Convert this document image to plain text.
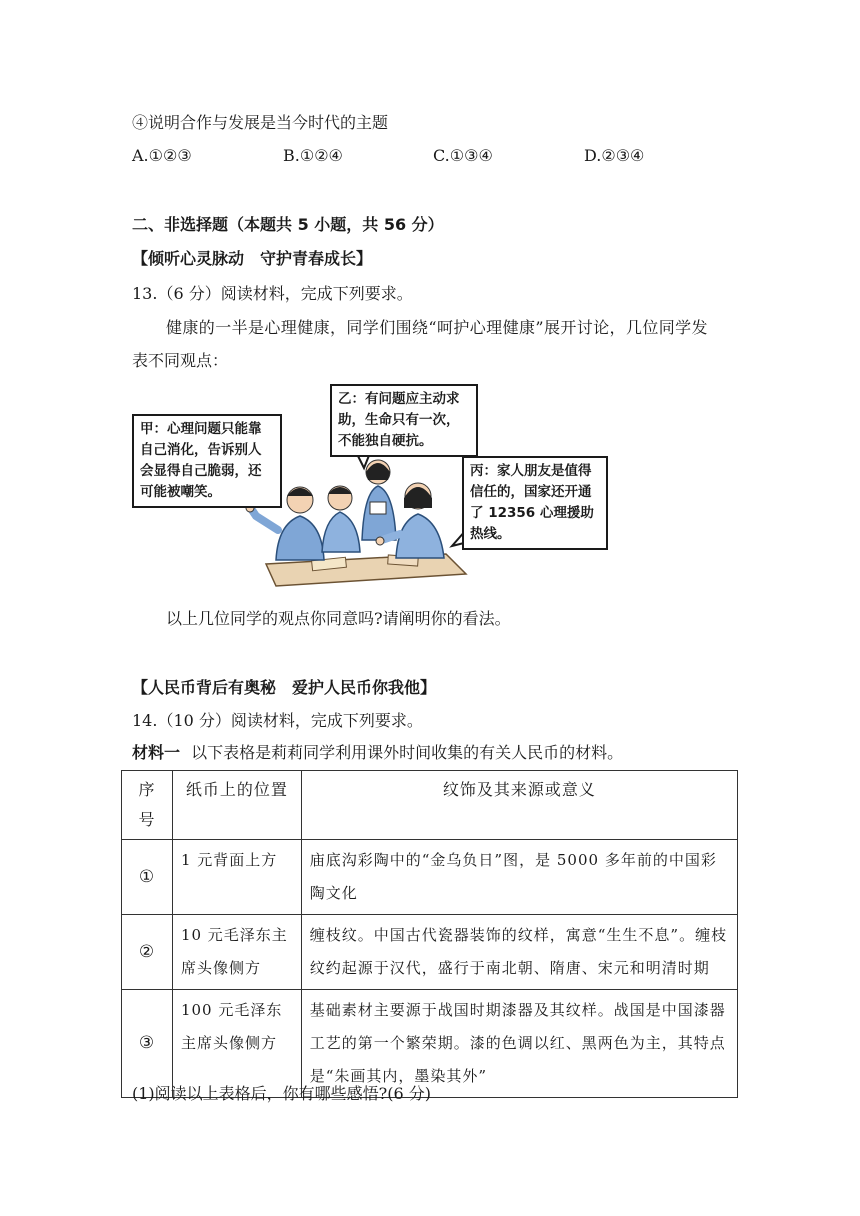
④说明合作与发展是当今时代的主题
A.①②③	B.①②④	C.①③④	D.②③④
二、非选择题（本题共 5 小题，共 56 分）
【倾听心灵脉动　守护青春成长】
13.（6 分）阅读材料，完成下列要求。
健康的一半是心理健康，同学们围绕“呵护心理健康”展开讨论，几位同学发
表不同观点：
甲：心理问题只能靠自己消化，告诉别人会显得自己脆弱，还可能被嘲笑。
乙：有问题应主动求助，生命只有一次，不能独自硬抗。
丙：家人朋友是值得信任的，国家还开通了 12356 心理援助热线。
以上几位同学的观点你同意吗?请阐明你的看法。
【人民币背后有奥秘　爱护人民币你我他】
14.（10 分）阅读材料，完成下列要求。
材料一 以下表格是莉莉同学利用课外时间收集的有关人民币的材料。
序号	纸币上的位置	纹饰及其来源或意义
①	1 元背面上方	庙底沟彩陶中的“金乌负日”图，是 5000 多年前的中国彩陶文化
②	10 元毛泽东主席头像侧方	缠枝纹。中国古代瓷器装饰的纹样，寓意“生生不息”。缠枝纹约起源于汉代，盛行于南北朝、隋唐、宋元和明清时期
③	100 元毛泽东主席头像侧方	基础素材主要源于战国时期漆器及其纹样。战国是中国漆器工艺的第一个繁荣期。漆的色调以红、黑两色为主，其特点是“朱画其内，墨染其外”
(1)阅读以上表格后，你有哪些感悟?(6 分)
